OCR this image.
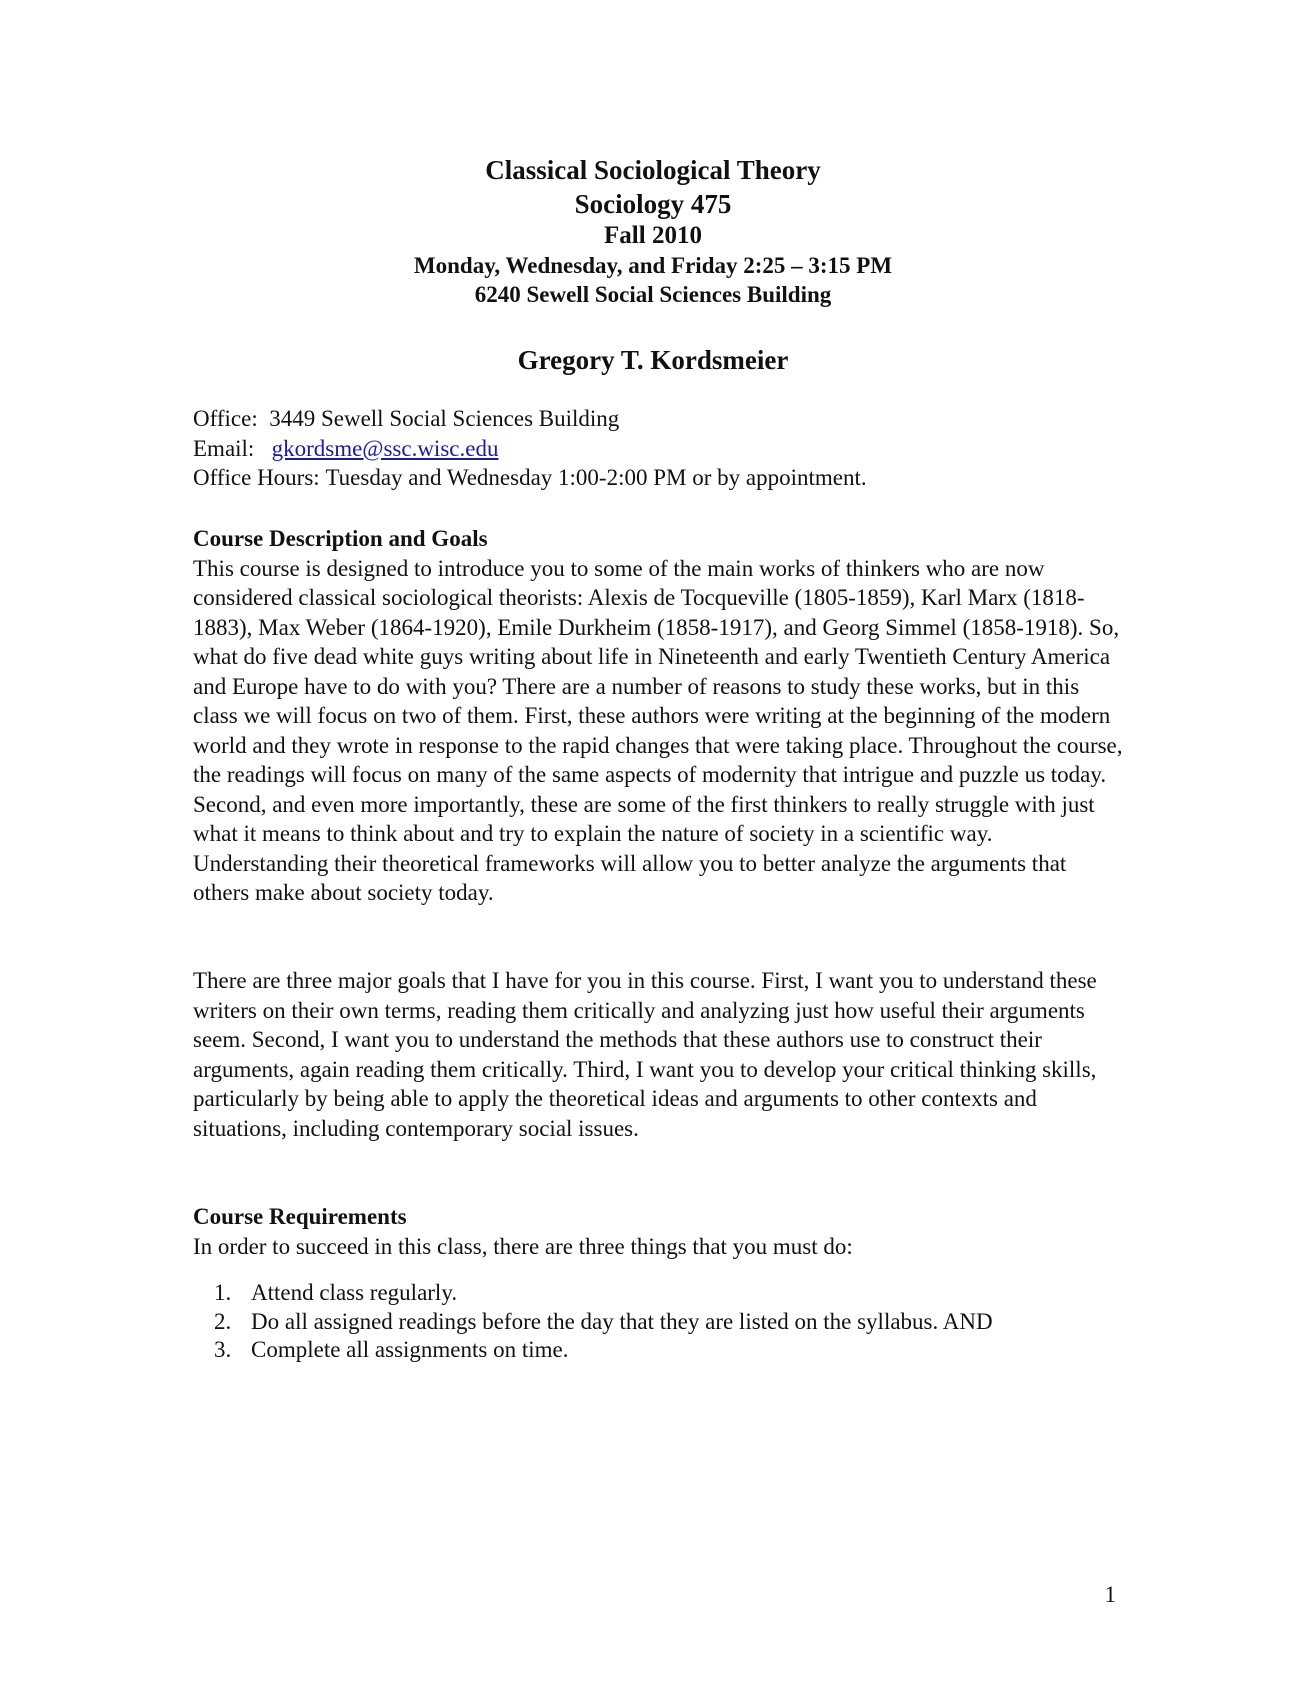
Classical Sociological Theory
Sociology 475
Fall 2010
Monday, Wednesday, and Friday 2:25 – 3:15 PM
6240 Sewell Social Sciences Building
Gregory T. Kordsmeier
Office: 3449 Sewell Social Sciences Building
Email: gkordsme@ssc.wisc.edu
Office Hours: Tuesday and Wednesday 1:00-2:00 PM or by appointment.
Course Description and Goals

This course is designed to introduce you to some of the main works of thinkers who are now considered classical sociological theorists: Alexis de Tocqueville (1805-1859), Karl Marx (1818-1883), Max Weber (1864-1920), Emile Durkheim (1858-1917), and Georg Simmel (1858-1918). So, what do five dead white guys writing about life in Nineteenth and early Twentieth Century America and Europe have to do with you? There are a number of reasons to study these works, but in this class we will focus on two of them. First, these authors were writing at the beginning of the modern world and they wrote in response to the rapid changes that were taking place. Throughout the course, the readings will focus on many of the same aspects of modernity that intrigue and puzzle us today. Second, and even more importantly, these are some of the first thinkers to really struggle with just what it means to think about and try to explain the nature of society in a scientific way. Understanding their theoretical frameworks will allow you to better analyze the arguments that others make about society today.

There are three major goals that I have for you in this course. First, I want you to understand these writers on their own terms, reading them critically and analyzing just how useful their arguments seem. Second, I want you to understand the methods that these authors use to construct their arguments, again reading them critically. Third, I want you to develop your critical thinking skills, particularly by being able to apply the theoretical ideas and arguments to other contexts and situations, including contemporary social issues.

Course Requirements

In order to succeed in this class, there are three things that you must do:

1. Attend class regularly.
2. Do all assigned readings before the day that they are listed on the syllabus. AND
3. Complete all assignments on time.
1
